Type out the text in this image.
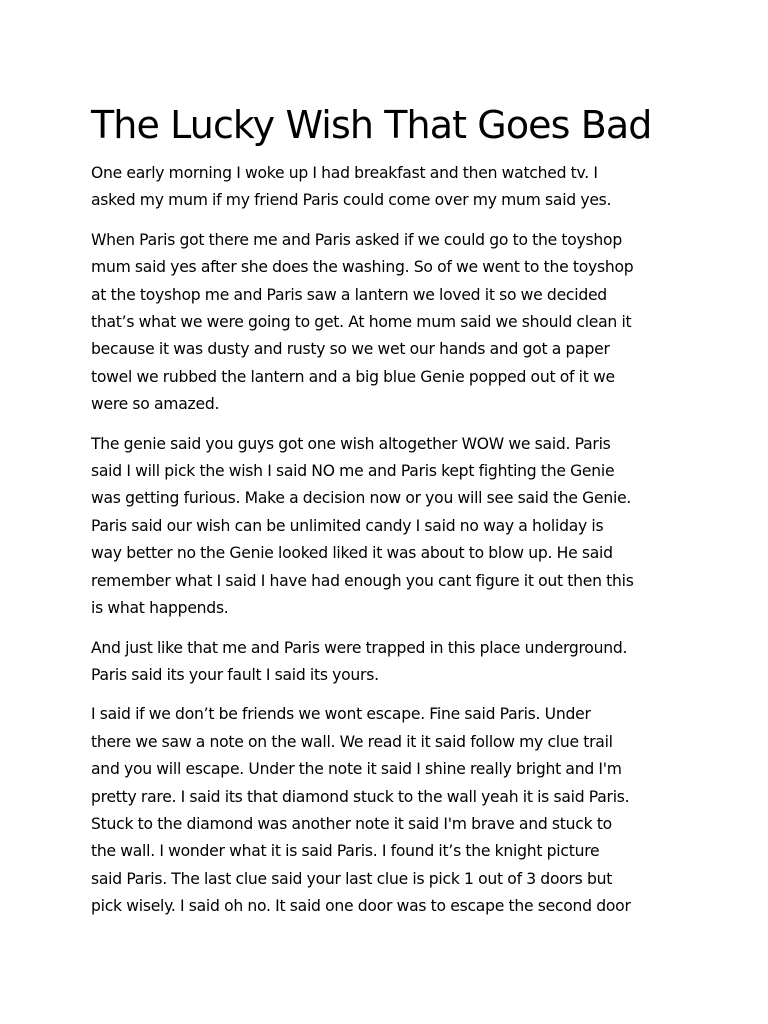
The Lucky Wish That Goes Bad

One early morning I woke up I had breakfast and then watched tv. I
asked my mum if my friend Paris could come over my mum said yes.

When Paris got there me and Paris asked if we could go to the toyshop
mum said yes after she does the washing. So of we went to the toyshop
at the toyshop me and Paris saw a lantern we loved it so we decided
that’s what we were going to get. At home mum said we should clean it
because it was dusty and rusty so we wet our hands and got a paper
towel we rubbed the lantern and a big blue Genie popped out of it we
were so amazed.

The genie said you guys got one wish altogether WOW we said. Paris
said I will pick the wish I said NO me and Paris kept fighting the Genie
was getting furious. Make a decision now or you will see said the Genie.
Paris said our wish can be unlimited candy I said no way a holiday is
way better no the Genie looked liked it was about to blow up. He said
remember what I said I have had enough you cant figure it out then this
is what happends.

And just like that me and Paris were trapped in this place underground.
Paris said its your fault I said its yours.

I said if we don’t be friends we wont escape. Fine said Paris. Under
there we saw a note on the wall. We read it it said follow my clue trail
and you will escape. Under the note it said I shine really bright and I'm
pretty rare. I said its that diamond stuck to the wall yeah it is said Paris.
Stuck to the diamond was another note it said I'm brave and stuck to
the wall. I wonder what it is said Paris. I found it’s the knight picture
said Paris. The last clue said your last clue is pick 1 out of 3 doors but
pick wisely. I said oh no. It said one door was to escape the second door
